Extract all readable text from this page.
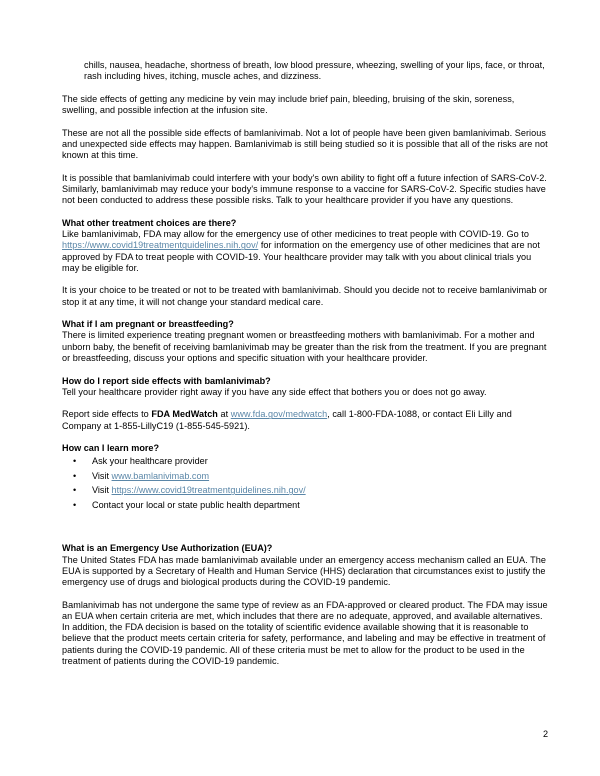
chills, nausea, headache, shortness of breath, low blood pressure, wheezing, swelling of your lips, face, or throat, rash including hives, itching, muscle aches, and dizziness.

The side effects of getting any medicine by vein may include brief pain, bleeding, bruising of the skin, soreness, swelling, and possible infection at the infusion site.

These are not all the possible side effects of bamlanivimab. Not a lot of people have been given bamlanivimab. Serious and unexpected side effects may happen. Bamlanivimab is still being studied so it is possible that all of the risks are not known at this time.

It is possible that bamlanivimab could interfere with your body's own ability to fight off a future infection of SARS-CoV-2. Similarly, bamlanivimab may reduce your body's immune response to a vaccine for SARS-CoV-2. Specific studies have not been conducted to address these possible risks. Talk to your healthcare provider if you have any questions.

What other treatment choices are there?

Like bamlanivimab, FDA may allow for the emergency use of other medicines to treat people with COVID-19. Go to https://www.covid19treatmentguidelines.nih.gov/ for information on the emergency use of other medicines that are not approved by FDA to treat people with COVID-19. Your healthcare provider may talk with you about clinical trials you may be eligible for.

It is your choice to be treated or not to be treated with bamlanivimab. Should you decide not to receive bamlanivimab or stop it at any time, it will not change your standard medical care.

What if I am pregnant or breastfeeding?

There is limited experience treating pregnant women or breastfeeding mothers with bamlanivimab. For a mother and unborn baby, the benefit of receiving bamlanivimab may be greater than the risk from the treatment. If you are pregnant or breastfeeding, discuss your options and specific situation with your healthcare provider.

How do I report side effects with bamlanivimab?

Tell your healthcare provider right away if you have any side effect that bothers you or does not go away.

Report side effects to FDA MedWatch at www.fda.gov/medwatch, call 1-800-FDA-1088, or contact Eli Lilly and Company at 1-855-LillyC19 (1-855-545-5921).

How can I learn more?

• Ask your healthcare provider
• Visit www.bamlanivimab.com
• Visit https://www.covid19treatmentguidelines.nih.gov/
• Contact your local or state public health department

What is an Emergency Use Authorization (EUA)?

The United States FDA has made bamlanivimab available under an emergency access mechanism called an EUA. The EUA is supported by a Secretary of Health and Human Service (HHS) declaration that circumstances exist to justify the emergency use of drugs and biological products during the COVID-19 pandemic.

Bamlanivimab has not undergone the same type of review as an FDA-approved or cleared product. The FDA may issue an EUA when certain criteria are met, which includes that there are no adequate, approved, and available alternatives. In addition, the FDA decision is based on the totality of scientific evidence available showing that it is reasonable to believe that the product meets certain criteria for safety, performance, and labeling and may be effective in treatment of patients during the COVID-19 pandemic. All of these criteria must be met to allow for the product to be used in the treatment of patients during the COVID-19 pandemic.

2
